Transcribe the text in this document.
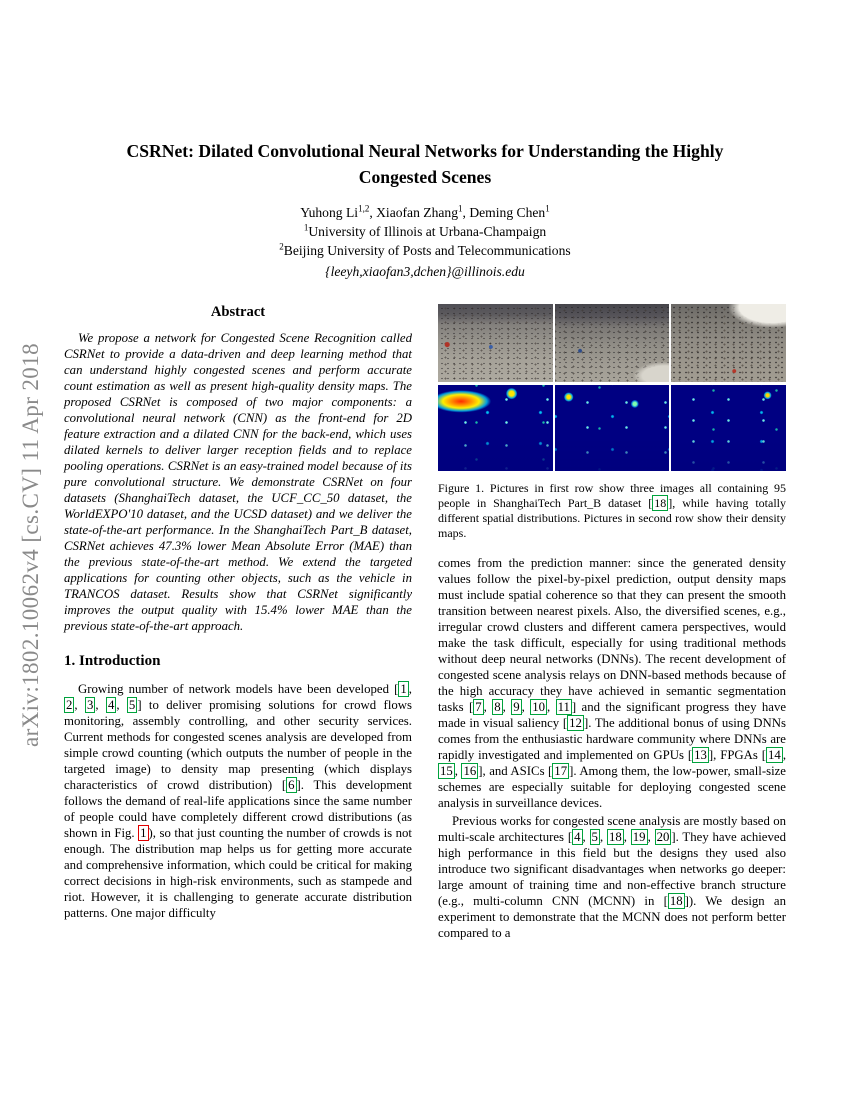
arXiv:1802.10062v4 [cs.CV] 11 Apr 2018
CSRNet: Dilated Convolutional Neural Networks for Understanding the Highly
Congested Scenes
Yuhong Li$^{1,2}$, Xiaofan Zhang$^1$, Deming Chen$^1$
$^1$University of Illinois at Urbana-Champaign
$^2$Beijing University of Posts and Telecommunications
{leeyh,xiaofan3,dchen}@illinois.edu
Abstract

We propose a network for Congested Scene Recognition called CSRNet to provide a data-driven and deep learning method that can understand highly congested scenes and perform accurate count estimation as well as present high-quality density maps. The proposed CSRNet is composed of two major components: a convolutional neural network (CNN) as the front-end for 2D feature extraction and a dilated CNN for the back-end, which uses dilated kernels to deliver larger reception fields and to replace pooling operations. CSRNet is an easy-trained model because of its pure convolutional structure. We demonstrate CSRNet on four datasets (ShanghaiTech dataset, the UCF_CC_50 dataset, the WorldEXPO'10 dataset, and the UCSD dataset) and we deliver the state-of-the-art performance. In the ShanghaiTech Part_B dataset, CSRNet achieves 47.3% lower Mean Absolute Error (MAE) than the previous state-of-the-art method. We extend the targeted applications for counting other objects, such as the vehicle in TRANCOS dataset. Results show that CSRNet significantly improves the output quality with 15.4% lower MAE than the previous state-of-the-art approach.

1. Introduction

Growing number of network models have been developed [ 1 , 2 , 3 , 4 , 5 ] to deliver promising solutions for crowd flows monitoring, assembly controlling, and other security services. Current methods for congested scenes analysis are developed from simple crowd counting (which outputs the number of people in the targeted image) to density map presenting (which displays characteristics of crowd distribution) [ 6 ]. This development follows the demand of real-life applications since the same number of people could have completely different crowd distributions (as shown in Fig. 1 ), so that just counting the number of crowds is not enough. The distribution map helps us for getting more accurate and comprehensive information, which could be critical for making correct decisions in high-risk environments, such as stampede and riot. However, it is challenging to generate accurate distribution patterns. One major difficulty

Figure 1. Pictures in first row show three images all containing 95 people in ShanghaiTech Part_B dataset [ 18 ], while having totally different spatial distributions. Pictures in second row show their density maps.

comes from the prediction manner: since the generated density values follow the pixel-by-pixel prediction, output density maps must include spatial coherence so that they can present the smooth transition between nearest pixels. Also, the diversified scenes, e.g., irregular crowd clusters and different camera perspectives, would make the task difficult, especially for using traditional methods without deep neural networks (DNNs). The recent development of congested scene analysis relays on DNN-based methods because of the high accuracy they have achieved in semantic segmentation tasks [ 7 , 8 , 9 , 10 , 11 ] and the significant progress they have made in visual saliency [ 12 ]. The additional bonus of using DNNs comes from the enthusiastic hardware community where DNNs are rapidly investigated and implemented on GPUs [ 13 ], FPGAs [ 14 , 15 , 16 ], and ASICs [ 17 ]. Among them, the low-power, small-size schemes are especially suitable for deploying congested scene analysis in surveillance devices.

Previous works for congested scene analysis are mostly based on multi-scale architectures [ 4 , 5 , 18 , 19 , 20 ]. They have achieved high performance in this field but the designs they used also introduce two significant disadvantages when networks go deeper: large amount of training time and non-effective branch structure (e.g., multi-column CNN (MCNN) in [ 18 ]). We design an experiment to demonstrate that the MCNN does not perform better compared to a
